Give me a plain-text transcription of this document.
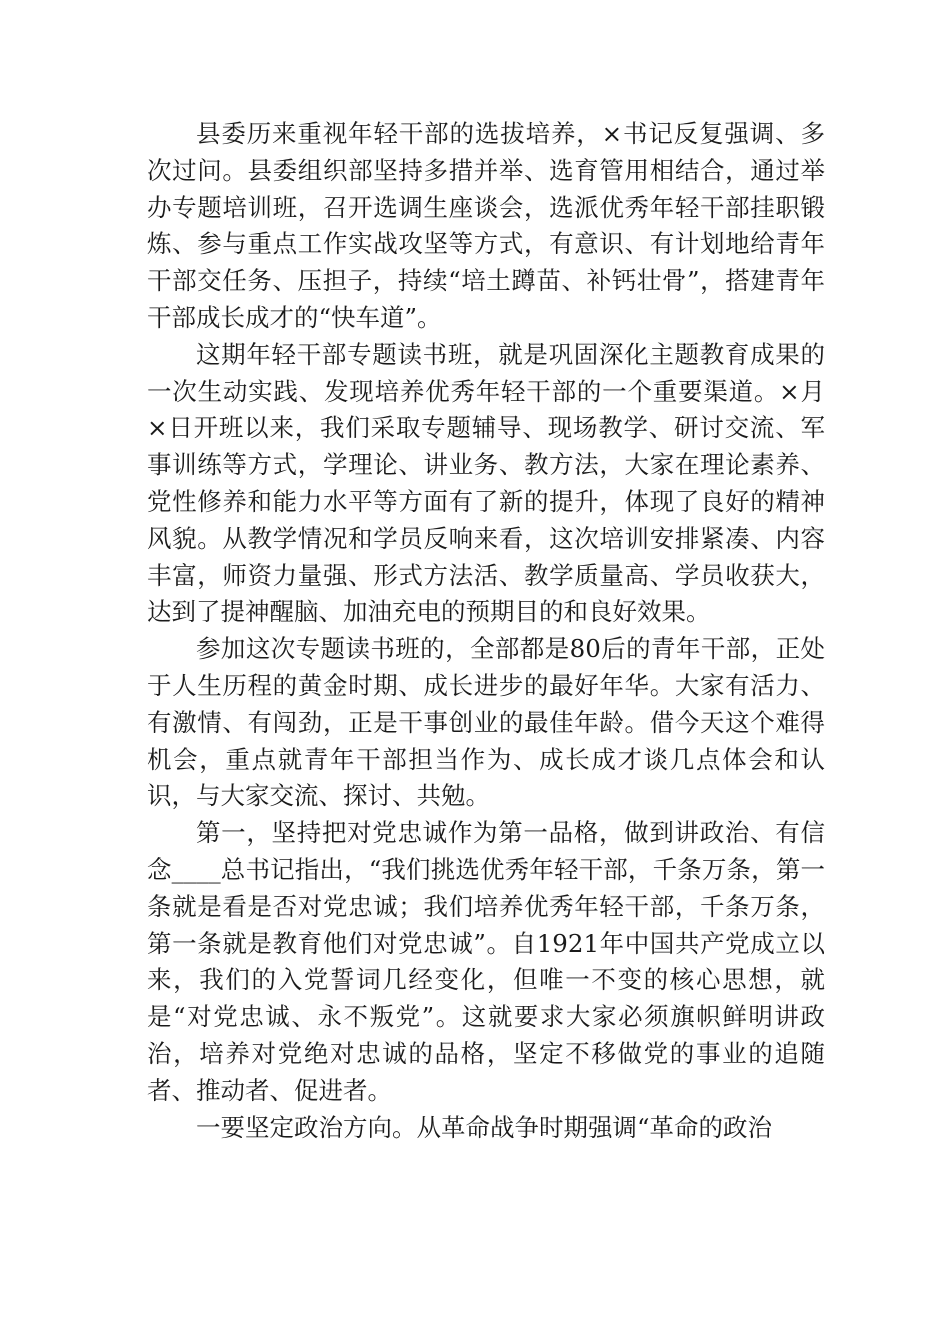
县委历来重视年轻干部的选拔培养，×书记反复强调、多次过问。县委组织部坚持多措并举、选育管用相结合，通过举办专题培训班，召开选调生座谈会，选派优秀年轻干部挂职锻炼、参与重点工作实战攻坚等方式，有意识、有计划地给青年干部交任务、压担子，持续“培土蹲苗、补钙壮骨”，搭建青年干部成长成才的“快车道”。

这期年轻干部专题读书班，就是巩固深化主题教育成果的一次生动实践、发现培养优秀年轻干部的一个重要渠道。×月×日开班以来，我们采取专题辅导、现场教学、研讨交流、军事训练等方式，学理论、讲业务、教方法，大家在理论素养、党性修养和能力水平等方面有了新的提升，体现了良好的精神风貌。从教学情况和学员反响来看，这次培训安排紧凑、内容丰富，师资力量强、形式方法活、教学质量高、学员收获大，达到了提神醒脑、加油充电的预期目的和良好效果。

参加这次专题读书班的，全部都是80后的青年干部，正处于人生历程的黄金时期、成长进步的最好年华。大家有活力、有激情、有闯劲，正是干事创业的最佳年龄。借今天这个难得机会，重点就青年干部担当作为、成长成才谈几点体会和认识，与大家交流、探讨、共勉。

第一，坚持把对党忠诚作为第一品格，做到讲政治、有信念____总书记指出，“我们挑选优秀年轻干部，千条万条，第一条就是看是否对党忠诚；我们培养优秀年轻干部，千条万条，第一条就是教育他们对党忠诚”。自1921年中国共产党成立以来，我们的入党誓词几经变化，但唯一不变的核心思想，就是“对党忠诚、永不叛党”。这就要求大家必须旗帜鲜明讲政治，培养对党绝对忠诚的品格，坚定不移做党的事业的追随者、推动者、促进者。

一要坚定政治方向。从革命战争时期强调“革命的政治
